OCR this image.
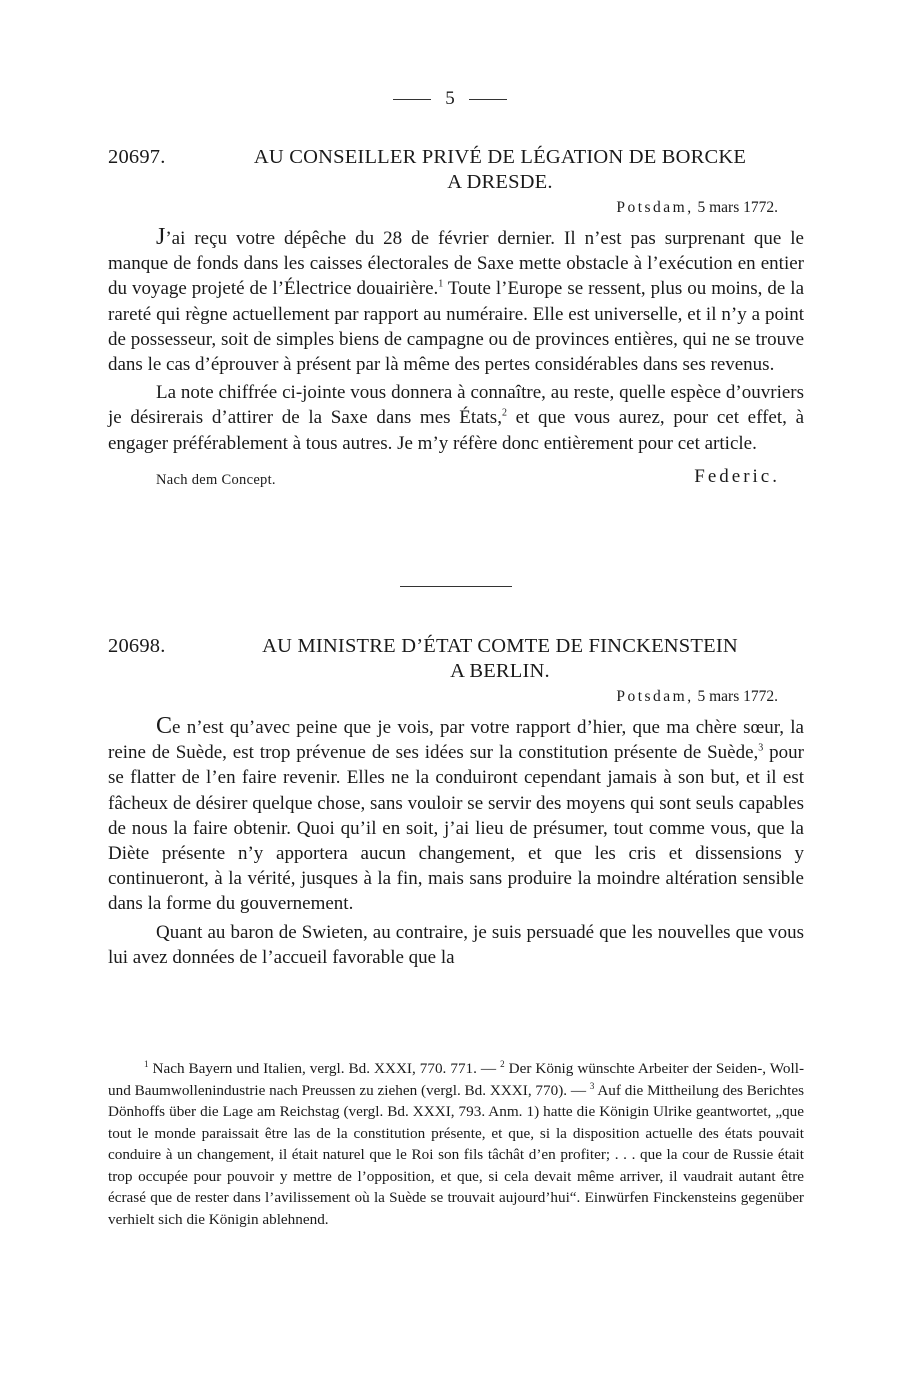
5
20697.	AU CONSEILLER PRIVÉ DE LÉGATION DE BORCKE
A DRESDE.
Potsdam, 5 mars 1772.

J’ai reçu votre dépêche du 28 de février dernier. Il n’est pas surprenant que le manque de fonds dans les caisses électorales de Saxe mette obstacle à l’exécution en entier du voyage projeté de l’Électrice douairière.$^1$ Toute l’Europe se ressent, plus ou moins, de la rareté qui règne actuellement par rapport au numéraire. Elle est universelle, et il n’y a point de possesseur, soit de simples biens de campagne ou de provinces entières, qui ne se trouve dans le cas d’éprouver à présent par là même des pertes considérables dans ses revenus.

La note chiffrée ci-jointe vous donnera à connaître, au reste, quelle espèce d’ouvriers je désirerais d’attirer de la Saxe dans mes États,$^2$ et que vous aurez, pour cet effet, à engager préférablement à tous autres. Je m’y réfère donc entièrement pour cet article.

Nach dem Concept.	Federic.
20698.	AU MINISTRE D’ÉTAT COMTE DE FINCKENSTEIN
A BERLIN.
Potsdam, 5 mars 1772.

Ce n’est qu’avec peine que je vois, par votre rapport d’hier, que ma chère sœur, la reine de Suède, est trop prévenue de ses idées sur la constitution présente de Suède,$^3$ pour se flatter de l’en faire revenir. Elles ne la conduiront cependant jamais à son but, et il est fâcheux de désirer quelque chose, sans vouloir se servir des moyens qui sont seuls capables de nous la faire obtenir. Quoi qu’il en soit, j’ai lieu de présumer, tout comme vous, que la Diète présente n’y apportera aucun changement, et que les cris et dissensions y continueront, à la vérité, jusques à la fin, mais sans produire la moindre altération sensible dans la forme du gouvernement.

Quant au baron de Swieten, au contraire, je suis persuadé que les nouvelles que vous lui avez données de l’accueil favorable que la

$^1$ Nach Bayern und Italien, vergl. Bd. XXXI, 770. 771. — $^2$ Der König wünschte Arbeiter der Seiden-, Woll- und Baumwollenindustrie nach Preussen zu ziehen (vergl. Bd. XXXI, 770). — $^3$ Auf die Mittheilung des Berichtes Dönhoffs über die Lage am Reichstag (vergl. Bd. XXXI, 793. Anm. 1) hatte die Königin Ulrike geantwortet, „que tout le monde paraissait être las de la constitution présente, et que, si la disposition actuelle des états pouvait conduire à un changement, il était naturel que le Roi son fils tâchât d’en profiter; . . . que la cour de Russie était trop occupée pour pouvoir y mettre de l’opposition, et que, si cela devait même arriver, il vaudrait autant être écrasé que de rester dans l’avilissement où la Suède se trouvait aujourd’hui“. Einwürfen Finckensteins gegenüber verhielt sich die Königin ablehnend.
